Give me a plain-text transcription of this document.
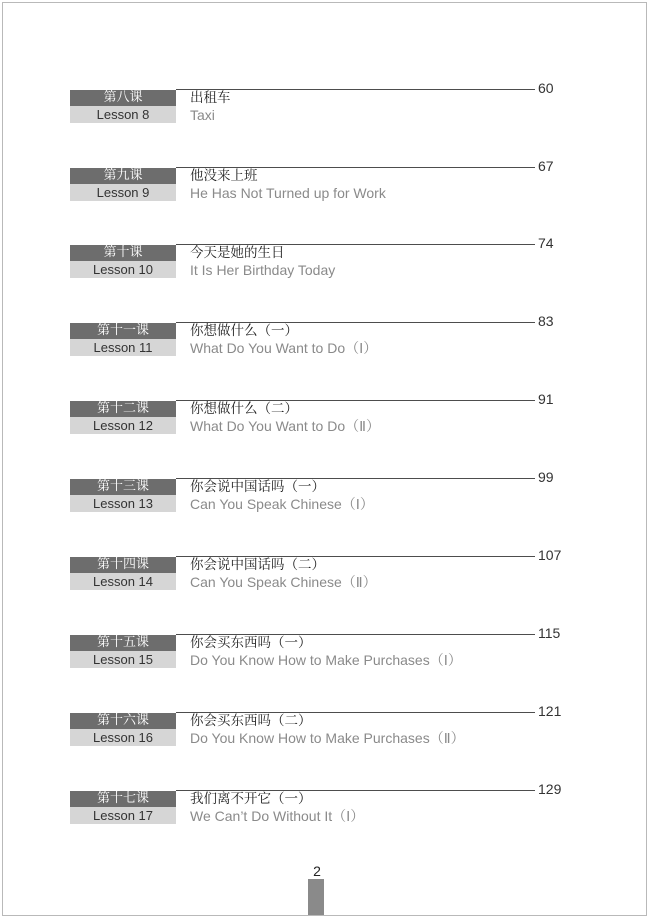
第八课
Lesson 8
出租车
Taxi
60
第九课
Lesson 9
他没来上班
He Has Not Turned up for Work
67
第十课
Lesson 10
今天是她的生日
It Is Her Birthday Today
74
第十一课
Lesson 11
你想做什么（一）
What Do You Want to Do（Ⅰ）
83
第十二课
Lesson 12
你想做什么（二）
What Do You Want to Do（Ⅱ）
91
第十三课
Lesson 13
你会说中国话吗（一）
Can You Speak Chinese（Ⅰ）
99
第十四课
Lesson 14
你会说中国话吗（二）
Can You Speak Chinese（Ⅱ）
107
第十五课
Lesson 15
你会买东西吗（一）
Do You Know How to Make Purchases（Ⅰ）
115
第十六课
Lesson 16
你会买东西吗（二）
Do You Know How to Make Purchases（Ⅱ）
121
第十七课
Lesson 17
我们离不开它（一）
We Can’t Do Without It（Ⅰ）
129
2
